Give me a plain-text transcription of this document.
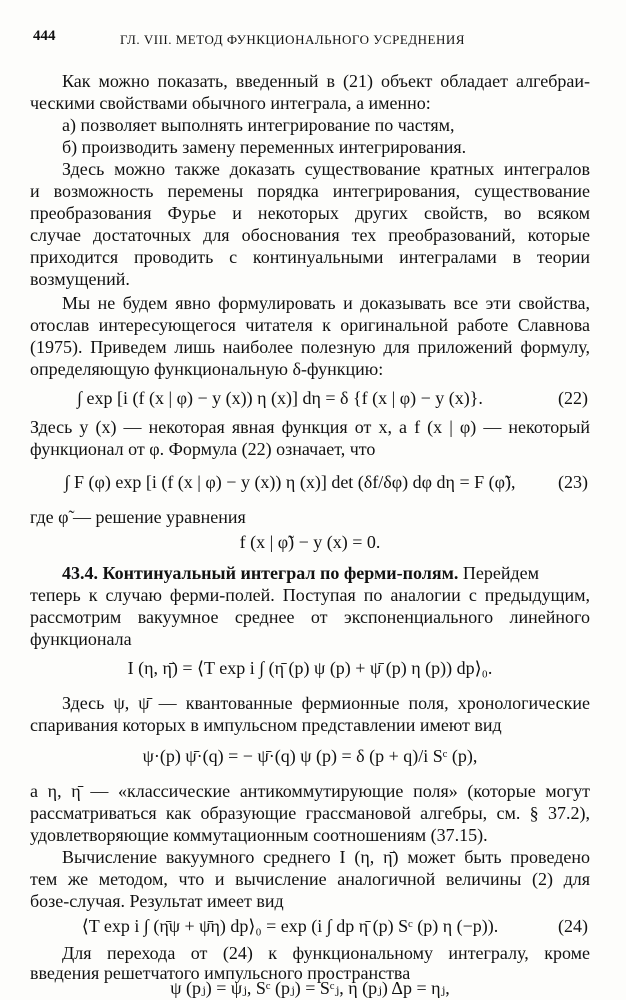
444	ГЛ. VIII. МЕТОД ФУНКЦИОНАЛЬНОГО УСРЕДНЕНИЯ
Как можно показать, введенный в (21) объект обладает алгебраи-
ческими свойствами обычного интеграла, а именно:
а) позволяет выполнять интегрирование по частям,
б) производить замену переменных интегрирования.
Здесь можно также доказать существование кратных интегралов
и возможность перемены порядка интегрирования, существование
преобразования Фурье и некоторых других свойств, во всяком
случае достаточных для обоснования тех преобразований, которые
приходится проводить с континуальными интегралами в теории
возмущений.
Мы не будем явно формулировать и доказывать все эти свойства,
отослав интересующегося читателя к оригинальной работе Славнова
(1975). Приведем лишь наиболее полезную для приложений формулу,
определяющую функциональную δ-функцию:
∫ exp [i (f (x | φ) − y (x)) η (x)] dη = δ {f (x | φ) − y (x)}.	(22)
Здесь y (x) — некоторая явная функция от x, a f (x | φ) — некоторый
функционал от φ. Формула (22) означает, что
∫ F (φ) exp [i (f (x | φ) − y (x)) η (x)] det (δf/δφ) dφ dη = F (φ̃),	(23)
где φ̃ — решение уравнения
f (x | φ̃) − y (x) = 0.
43.4. Континуальный интеграл по ферми-полям. Перейдем
теперь к случаю ферми-полей. Поступая по аналогии с предыдущим,
рассмотрим вакуумное среднее от экспоненциального линейного
функционала
I (η, η̄) = ⟨T exp i ∫ (η̄ (p) ψ (p) + ψ̄ (p) η (p)) dp⟩₀.
Здесь ψ, ψ̄ — квантованные фермионные поля, хронологические
спаривания которых в импульсном представлении имеют вид
ψ·(p) ψ̄·(q) = − ψ̄·(q) ψ (p) = δ (p + q)/i Sᶜ (p),
а η, η̄ — «классические антикоммутирующие поля» (которые могут
рассматриваться как образующие грассмановой алгебры, см. § 37.2),
удовлетворяющие коммутационным соотношениям (37.15).
Вычисление вакуумного среднего I (η, η̄) может быть проведено
тем же методом, что и вычисление аналогичной величины (2) для
бозе-случая. Результат имеет вид
⟨T exp i ∫ (η̄ψ + ψ̄η) dp⟩₀ = exp (i ∫ dp η̄ (p) Sᶜ (p) η (−p)).	(24)
Для перехода от (24) к функциональному интегралу, кроме
введения решетчатого импульсного пространства
ψ (pⱼ) = ψⱼ, Sᶜ (pⱼ) = Sᶜⱼ, η (pⱼ) Δp = ηⱼ,
